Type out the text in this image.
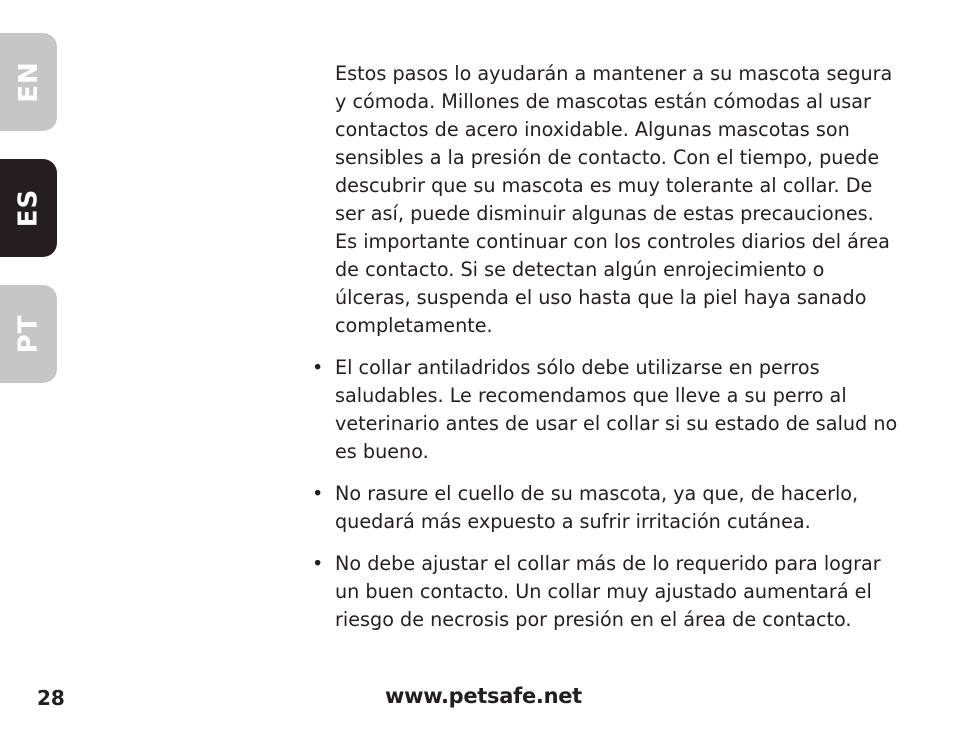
EN
ES
PT

Estos pasos lo ayudarán a mantener a su mascota segura y cómoda. Millones de mascotas están cómodas al usar contactos de acero inoxidable. Algunas mascotas son sensibles a la presión de contacto. Con el tiempo, puede descubrir que su mascota es muy tolerante al collar. De ser así, puede disminuir algunas de estas precauciones. Es importante continuar con los controles diarios del área de contacto. Si se detectan algún enrojecimiento o úlceras, suspenda el uso hasta que la piel haya sanado completamente.

• El collar antiladridos sólo debe utilizarse en perros saludables. Le recomendamos que lleve a su perro al veterinario antes de usar el collar si su estado de salud no es bueno.
• No rasure el cuello de su mascota, ya que, de hacerlo, quedará más expuesto a sufrir irritación cutánea.
• No debe ajustar el collar más de lo requerido para lograr un buen contacto. Un collar muy ajustado aumentará el riesgo de necrosis por presión en el área de contacto.
28	www.petsafe.net
